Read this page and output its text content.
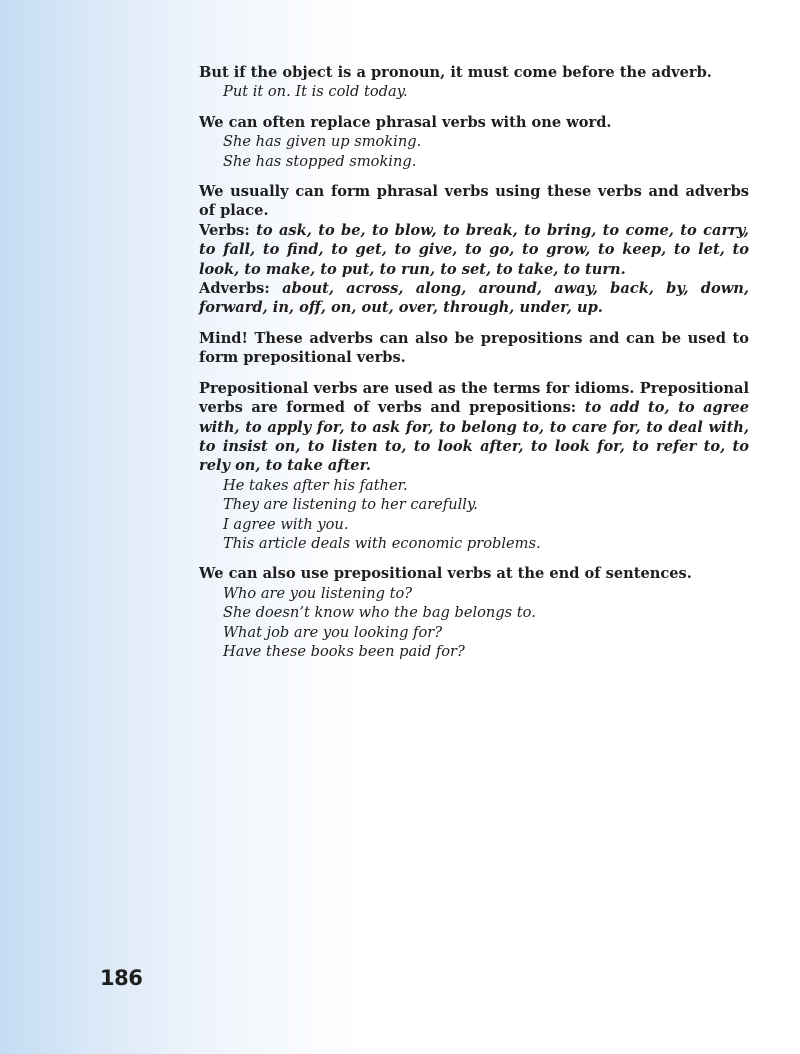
But if the object is a pronoun, it must come before the adverb.
Put it on. It is cold today.
We can often replace phrasal verbs with one word.
She has given up smoking.
She has stopped smoking.
We usually can form phrasal verbs using these verbs and adverbs of place.
Verbs: to ask, to be, to blow, to break, to bring, to come, to carry, to fall, to find, to get, to give, to go, to grow, to keep, to let, to look, to make, to put, to run, to set, to take, to turn.
Adverbs: about, across, along, around, away, back, by, down, forward, in, off, on, out, over, through, under, up.
Mind! These adverbs can also be prepositions and can be used to form prepositional verbs.
Prepositional verbs are used as the terms for idioms. Prepositional verbs are formed of verbs and prepositions: to add to, to agree with, to apply for, to ask for, to belong to, to care for, to deal with, to insist on, to listen to, to look after, to look for, to refer to, to rely on, to take after.
He takes after his father.
They are listening to her carefully.
I agree with you.
This article deals with economic problems.
We can also use prepositional verbs at the end of sentences.
Who are you listening to?
She doesn’t know who the bag belongs to.
What job are you looking for?
Have these books been paid for?
186
